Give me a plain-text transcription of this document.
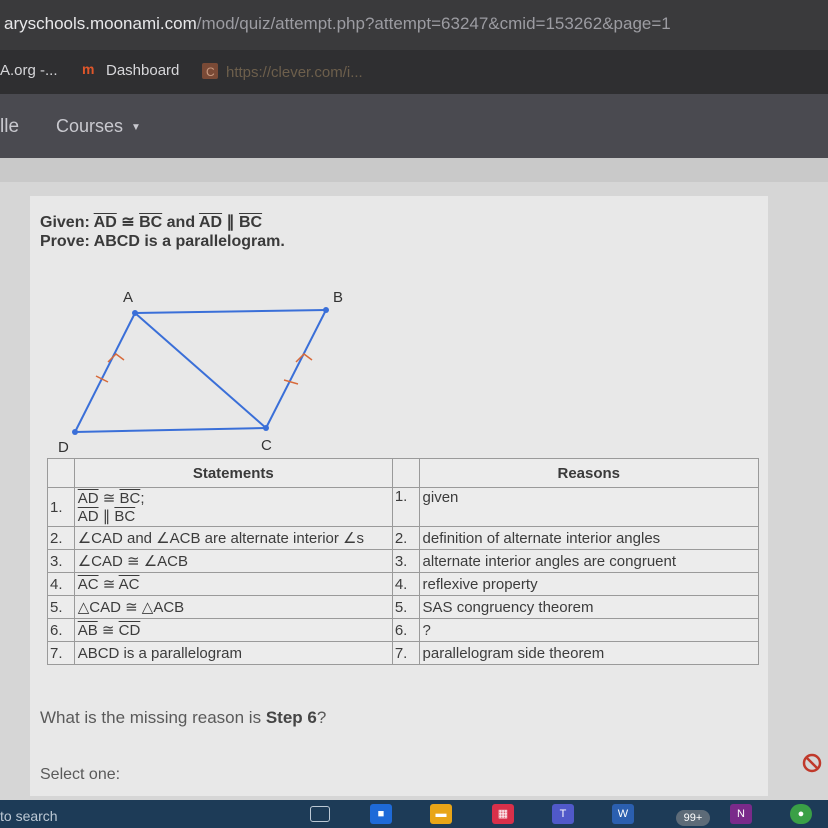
aryschools.moonami.com/mod/quiz/attempt.php?attempt=63247&cmid=153262&page=1
A.org -... m Dashboard C https://clever.com/i...
lle Courses ▼
Given: $\overline{AD}$ ≅ $\overline{BC}$ and $\overline{AD}$ ∥ $\overline{BC}$
Prove: ABCD is a parallelogram.
A	B
C
D
	Statements		Reasons
1.	$\overline{AD}$ ≅ $\overline{BC}$;
$\overline{AD}$ ∥ $\overline{BC}$	1.	given
2.	∠CAD and ∠ACB are alternate interior ∠s	2.	definition of alternate interior angles
3.	∠CAD ≅ ∠ACB	3.	alternate interior angles are congruent
4.	$\overline{AC}$ ≅ $\overline{AC}$	4.	reflexive property
5.	△CAD ≅ △ACB	5.	SAS congruency theorem
6.	$\overline{AB}$ ≅ $\overline{CD}$	6.	?
7.	ABCD is a parallelogram	7.	parallelogram side theorem
What is the missing reason is Step 6?
Select one:
to search	■	▬	▦	T	W	99+	N	●
